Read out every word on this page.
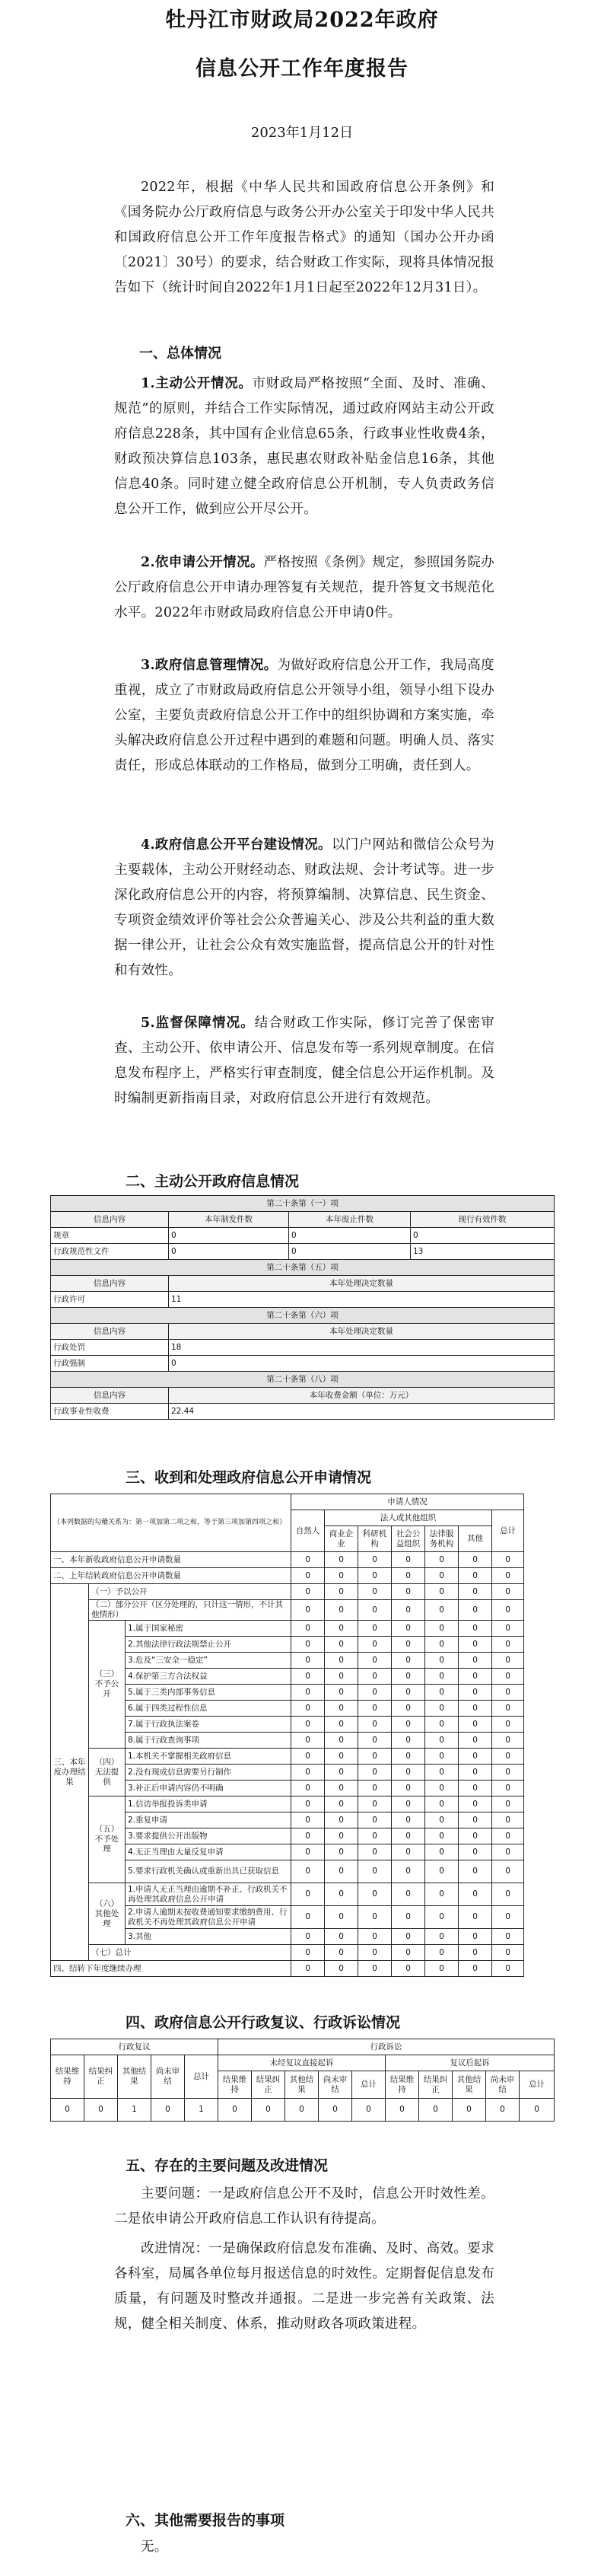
牡丹江市财政局2022年政府
信息公开工作年度报告
2023年1月12日
2022年，根据《中华人民共和国政府信息公开条例》和《国务院办公厅政府信息与政务公开办公室关于印发中华人民共和国政府信息公开工作年度报告格式》的通知（国办公开办函〔2021〕30号）的要求，结合财政工作实际，现将具体情况报告如下（统计时间自2022年1月1日起至2022年12月31日）。
一、总体情况
1.主动公开情况。市财政局严格按照“全面、及时、准确、规范”的原则，并结合工作实际情况，通过政府网站主动公开政府信息228条，其中国有企业信息65条，行政事业性收费4条，财政预决算信息103条，惠民惠农财政补贴金信息16条，其他信息40条。同时建立健全政府信息公开机制，专人负责政务信息公开工作，做到应公开尽公开。
2.依申请公开情况。严格按照《条例》规定，参照国务院办公厅政府信息公开申请办理答复有关规范，提升答复文书规范化水平。2022年市财政局政府信息公开申请0件。
3.政府信息管理情况。为做好政府信息公开工作，我局高度重视，成立了市财政局政府信息公开领导小组，领导小组下设办公室，主要负责政府信息公开工作中的组织协调和方案实施，牵头解决政府信息公开过程中遇到的难题和问题。明确人员、落实责任，形成总体联动的工作格局，做到分工明确，责任到人。
4.政府信息公开平台建设情况。以门户网站和微信公众号为主要载体，主动公开财经动态、财政法规、会计考试等。进一步深化政府信息公开的内容，将预算编制、决算信息、民生资金、专项资金绩效评价等社会公众普遍关心、涉及公共利益的重大数据一律公开，让社会公众有效实施监督，提高信息公开的针对性和有效性。
5.监督保障情况。结合财政工作实际，修订完善了保密审查、主动公开、依申请公开、信息发布等一系列规章制度。在信息发布程序上，严格实行审查制度，健全信息公开运作机制。及时编制更新指南目录，对政府信息公开进行有效规范。
二、主动公开政府信息情况
第二十条第（一）项			
信息内容	本年制发件数	本年废止件数	现行有效件数
规章	0	0	0
行政规范性文件	0	0	13
第二十条第（五）项			
信息内容	本年处理决定数量		
行政许可	11		
第二十条第（六）项			
信息内容	本年处理决定数量		
行政处罚	18		
行政强制	0		
第二十条第（八）项			
信息内容	本年收费金额（单位：万元）		
行政事业性收费	22.44		
三、收到和处理政府信息公开申请情况
（本列数据的勾稽关系为：第一项加第二项之和，等于第三项加第四项之和）			申请人情况						
			自然人	法人或其他组织					总计
				商业企业	科研机构	社会公益组织	法律服务机构	其他	
一、本年新收政府信息公开申请数量			0	0	0	0	0	0	0
二、上年结转政府信息公开申请数量			0	0	0	0	0	0	0
三、本年度办理结果	（一）予以公开		0	0	0	0	0	0	0
	（二）部分公开（区分处理的，只计这一情形，不计其他情形）		0	0	0	0	0	0	0
	（三）不予公开	1.属于国家秘密	0	0	0	0	0	0	0
		2.其他法律行政法规禁止公开	0	0	0	0	0	0	0
		3.危及“三安全一稳定”	0	0	0	0	0	0	0
		4.保护第三方合法权益	0	0	0	0	0	0	0
		5.属于三类内部事务信息	0	0	0	0	0	0	0
		6.属于四类过程性信息	0	0	0	0	0	0	0
		7.属于行政执法案卷	0	0	0	0	0	0	0
		8.属于行政查询事项	0	0	0	0	0	0	0
	（四）无法提供	1.本机关不掌握相关政府信息	0	0	0	0	0	0	0
		2.没有现成信息需要另行制作	0	0	0	0	0	0	0
		3.补正后申请内容仍不明确	0	0	0	0	0	0	0
	（五）不予处理	1.信访举报投诉类申请	0	0	0	0	0	0	0
		2.重复申请	0	0	0	0	0	0	0
		3.要求提供公开出版物	0	0	0	0	0	0	0
		4.无正当理由大量反复申请	0	0	0	0	0	0	0
		5.要求行政机关确认或重新出具已获取信息	0	0	0	0	0	0	0
	（六）其他处理	1.申请人无正当理由逾期不补正、行政机关不再处理其政府信息公开申请	0	0	0	0	0	0	0
		2.申请人逾期未按收费通知要求缴纳费用、行政机关不再处理其政府信息公开申请	0	0	0	0	0	0	0
		3.其他	0	0	0	0	0	0	0
	（七）总计		0	0	0	0	0	0	0
四、结转下年度继续办理			0	0	0	0	0	0	0
四、政府信息公开行政复议、行政诉讼情况
行政复议					行政诉讼									
结果维持	结果纠正	其他结果	尚未审结	总计	未经复议直接起诉					复议后起诉				
					结果维持	结果纠正	其他结果	尚未审结	总计	结果维持	结果纠正	其他结果	尚未审结	总计
0	0	1	0	1	0	0	0	0	0	0	0	0	0	0
五、存在的主要问题及改进情况
主要问题：一是政府信息公开不及时，信息公开时效性差。二是依申请公开政府信息工作认识有待提高。
改进情况：一是确保政府信息发布准确、及时、高效。要求各科室，局属各单位每月报送信息的时效性。定期督促信息发布质量，有问题及时整改并通报。二是进一步完善有关政策、法规，健全相关制度、体系，推动财政各项政策进程。
六、其他需要报告的事项
无。
